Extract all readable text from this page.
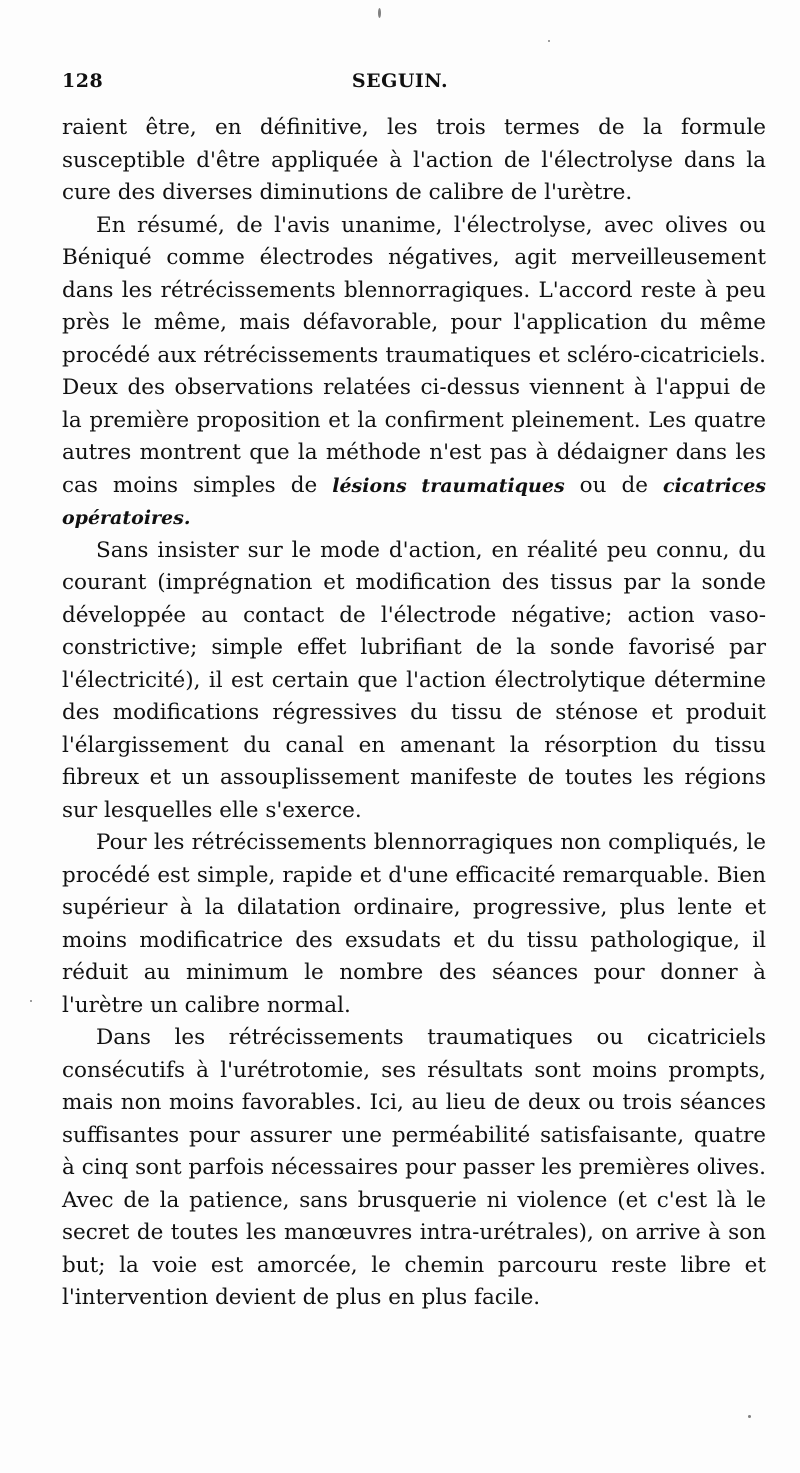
128	SEGUIN.

raient être, en définitive, les trois termes de la formule susceptible d'être appliquée à l'action de l'électrolyse dans la cure des diverses diminutions de calibre de l'urètre.

En résumé, de l'avis unanime, l'électrolyse, avec olives ou Béniqué comme électrodes négatives, agit merveilleusement dans les rétrécissements blennorragiques. L'accord reste à peu près le même, mais défavorable, pour l'application du même procédé aux rétrécissements traumatiques et scléro-cicatriciels. Deux des observations relatées ci-dessus viennent à l'appui de la première proposition et la confirment pleinement. Les quatre autres montrent que la méthode n'est pas à dédaigner dans les cas moins simples de lésions traumatiques ou de cicatrices opératoires.

Sans insister sur le mode d'action, en réalité peu connu, du courant (imprégnation et modification des tissus par la sonde développée au contact de l'électrode négative; action vaso-constrictive; simple effet lubrifiant de la sonde favorisé par l'électricité), il est certain que l'action électrolytique détermine des modifications régressives du tissu de sténose et produit l'élargissement du canal en amenant la résorption du tissu fibreux et un assouplissement manifeste de toutes les régions sur lesquelles elle s'exerce.

Pour les rétrécissements blennorragiques non compliqués, le procédé est simple, rapide et d'une efficacité remarquable. Bien supérieur à la dilatation ordinaire, progressive, plus lente et moins modificatrice des exsudats et du tissu pathologique, il réduit au minimum le nombre des séances pour donner à l'urètre un calibre normal.

Dans les rétrécissements traumatiques ou cicatriciels consécutifs à l'urétrotomie, ses résultats sont moins prompts, mais non moins favorables. Ici, au lieu de deux ou trois séances suffisantes pour assurer une perméabilité satisfaisante, quatre à cinq sont parfois nécessaires pour passer les premières olives. Avec de la patience, sans brusquerie ni violence (et c'est là le secret de toutes les manœuvres intra-urétrales), on arrive à son but; la voie est amorcée, le chemin parcouru reste libre et l'intervention devient de plus en plus facile.
